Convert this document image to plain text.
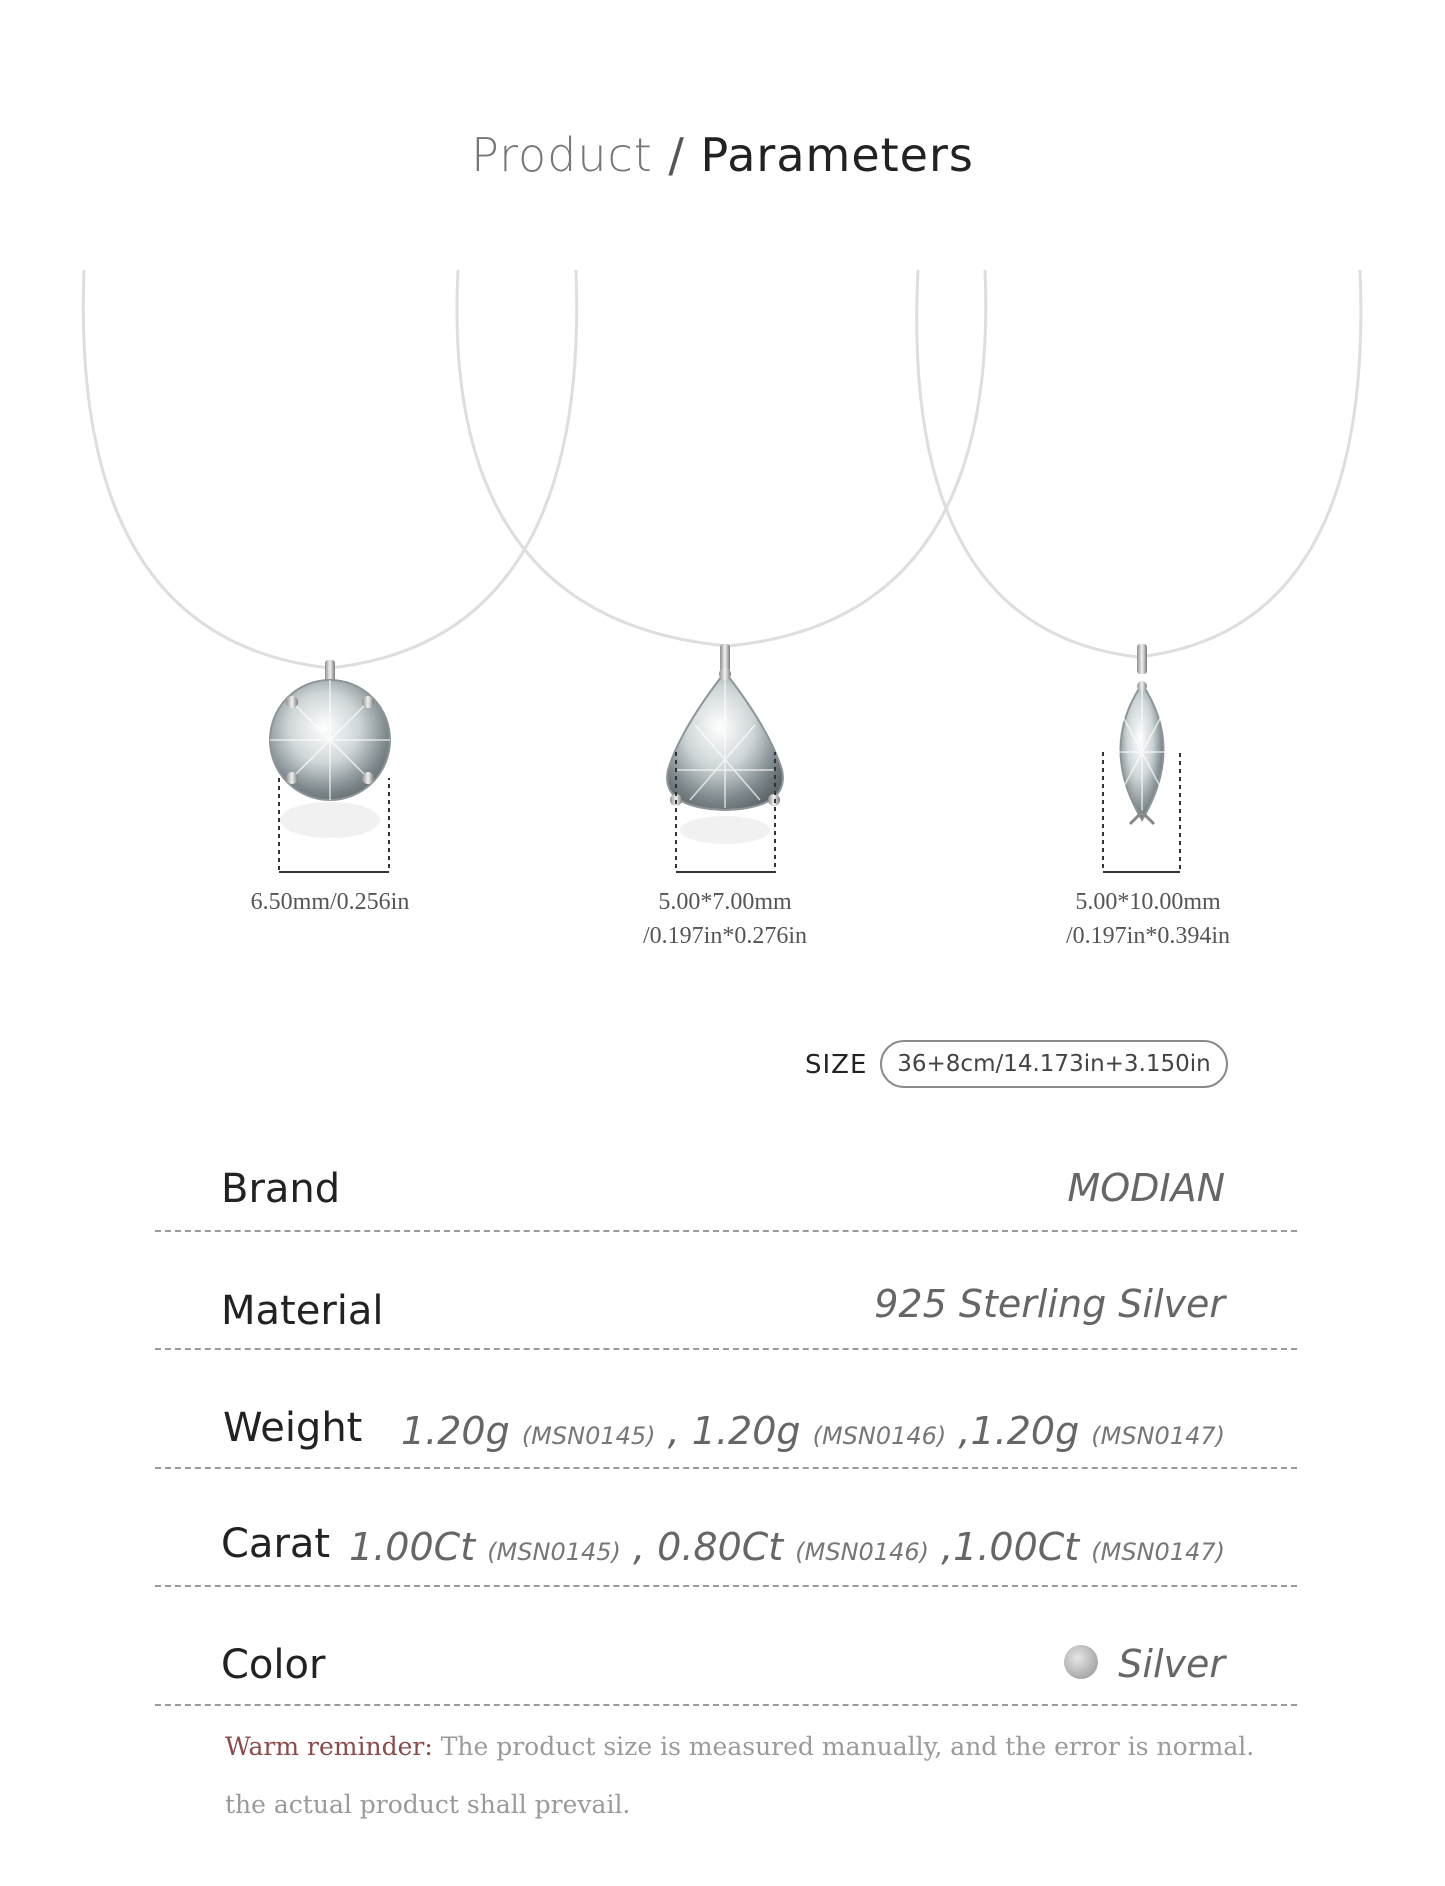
Product / Parameters
6.50mm/0.256in	5.00*7.00mm
/0.197in*0.276in
5.00*10.00mm
/0.197in*0.394in
SIZE	36+8cm/14.173in+3.150in
Brand	MODIAN
Material	925 Sterling Silver
Weight 1.20g (MSN0145) , 1.20g (MSN0146) ,1.20g (MSN0147)
Carat 1.00Ct (MSN0145) , 0.80Ct (MSN0146) ,1.00Ct (MSN0147)
Color	Silver
Warm reminder: The product size is measured manually, and the error is normal.
the actual product shall prevail.
